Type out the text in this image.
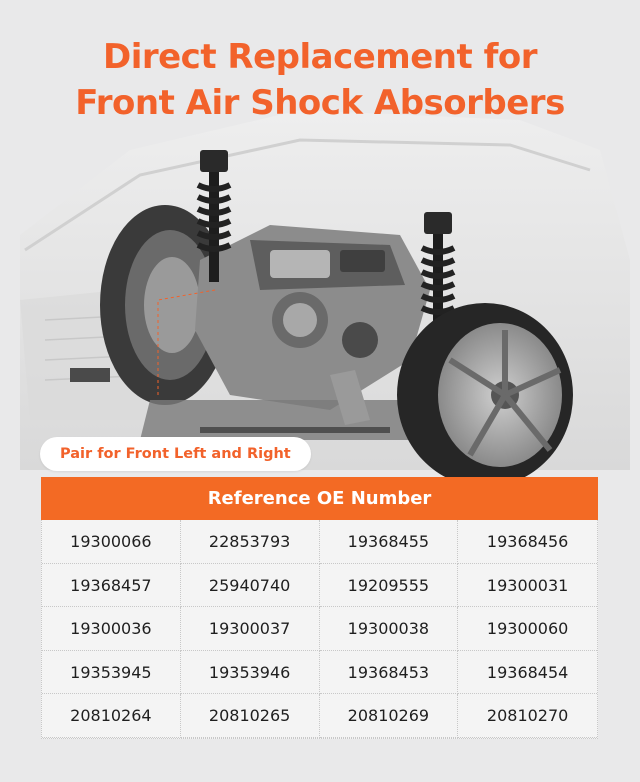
Direct Replacement for
Front Air Shock Absorbers
Pair for Front Left and Right
Reference OE Number
19300066	22853793	19368455	19368456
19368457	25940740	19209555	19300031
19300036	19300037	19300038	19300060
19353945	19353946	19368453	19368454
20810264	20810265	20810269	20810270
